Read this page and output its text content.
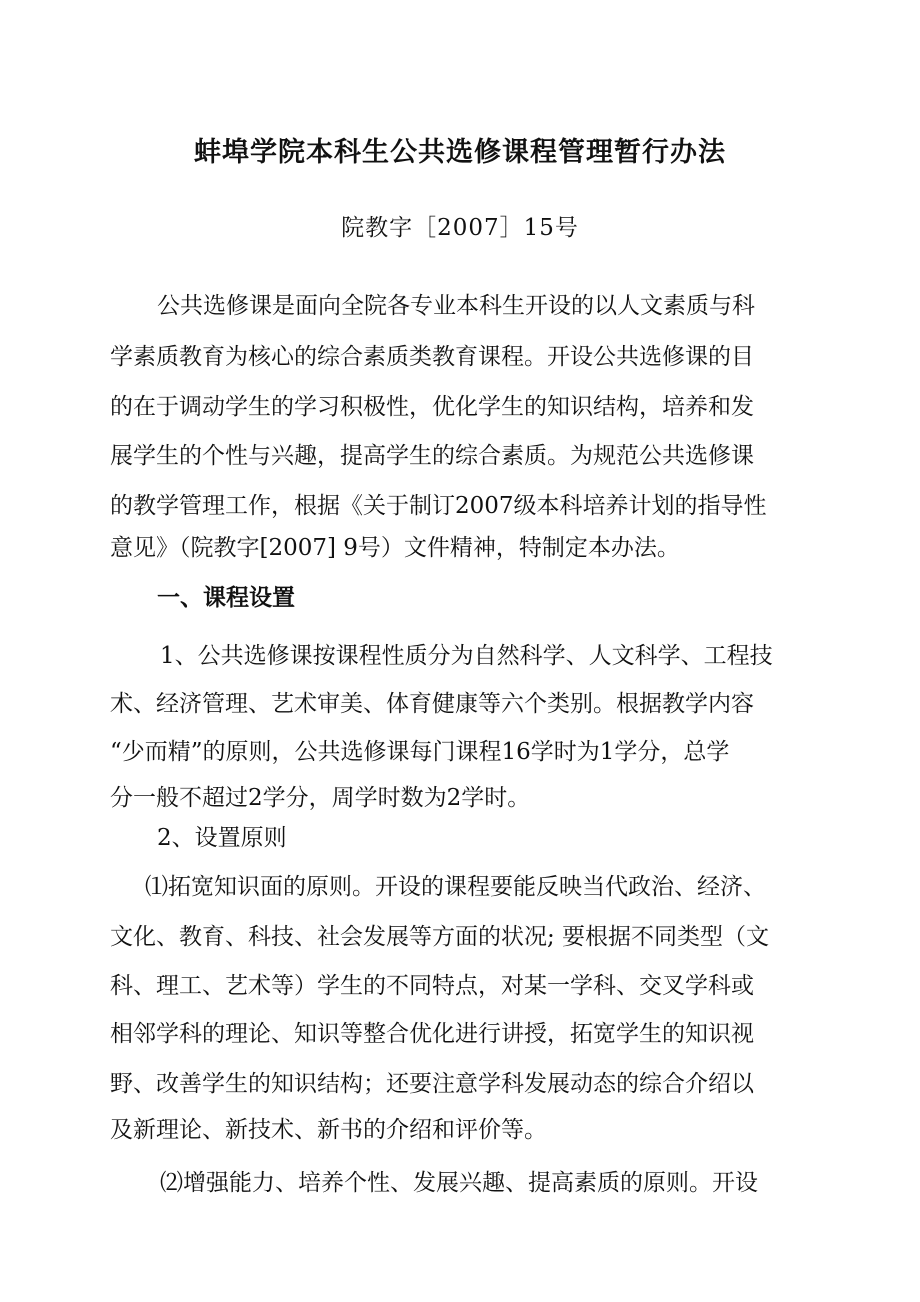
蚌埠学院本科生公共选修课程管理暂行办法
院教字［2007］15号
公共选修课是面向全院各专业本科生开设的以人文素质与科
学素质教育为核心的综合素质类教育课程。开设公共选修课的目
的在于调动学生的学习积极性，优化学生的知识结构，培养和发
展学生的个性与兴趣，提高学生的综合素质。为规范公共选修课
的教学管理工作，根据《关于制订2007级本科培养计划的指导性
意见》（院教字[2007] 9号）文件精神，特制定本办法。
一、课程设置
1、公共选修课按课程性质分为自然科学、人文科学、工程技
术、经济管理、艺术审美、体育健康等六个类别。根据教学内容
“少而精”的原则，公共选修课每门课程16学时为1学分，总学
分一般不超过2学分，周学时数为2学时。
2、设置原则
⑴拓宽知识面的原则。开设的课程要能反映当代政治、经济、
文化、教育、科技、社会发展等方面的状况; 要根据不同类型（文
科、理工、艺术等）学生的不同特点，对某一学科、交叉学科或
相邻学科的理论、知识等整合优化进行讲授，拓宽学生的知识视
野、改善学生的知识结构；还要注意学科发展动态的综合介绍以
及新理论、新技术、新书的介绍和评价等。
⑵增强能力、培养个性、发展兴趣、提高素质的原则。开设
